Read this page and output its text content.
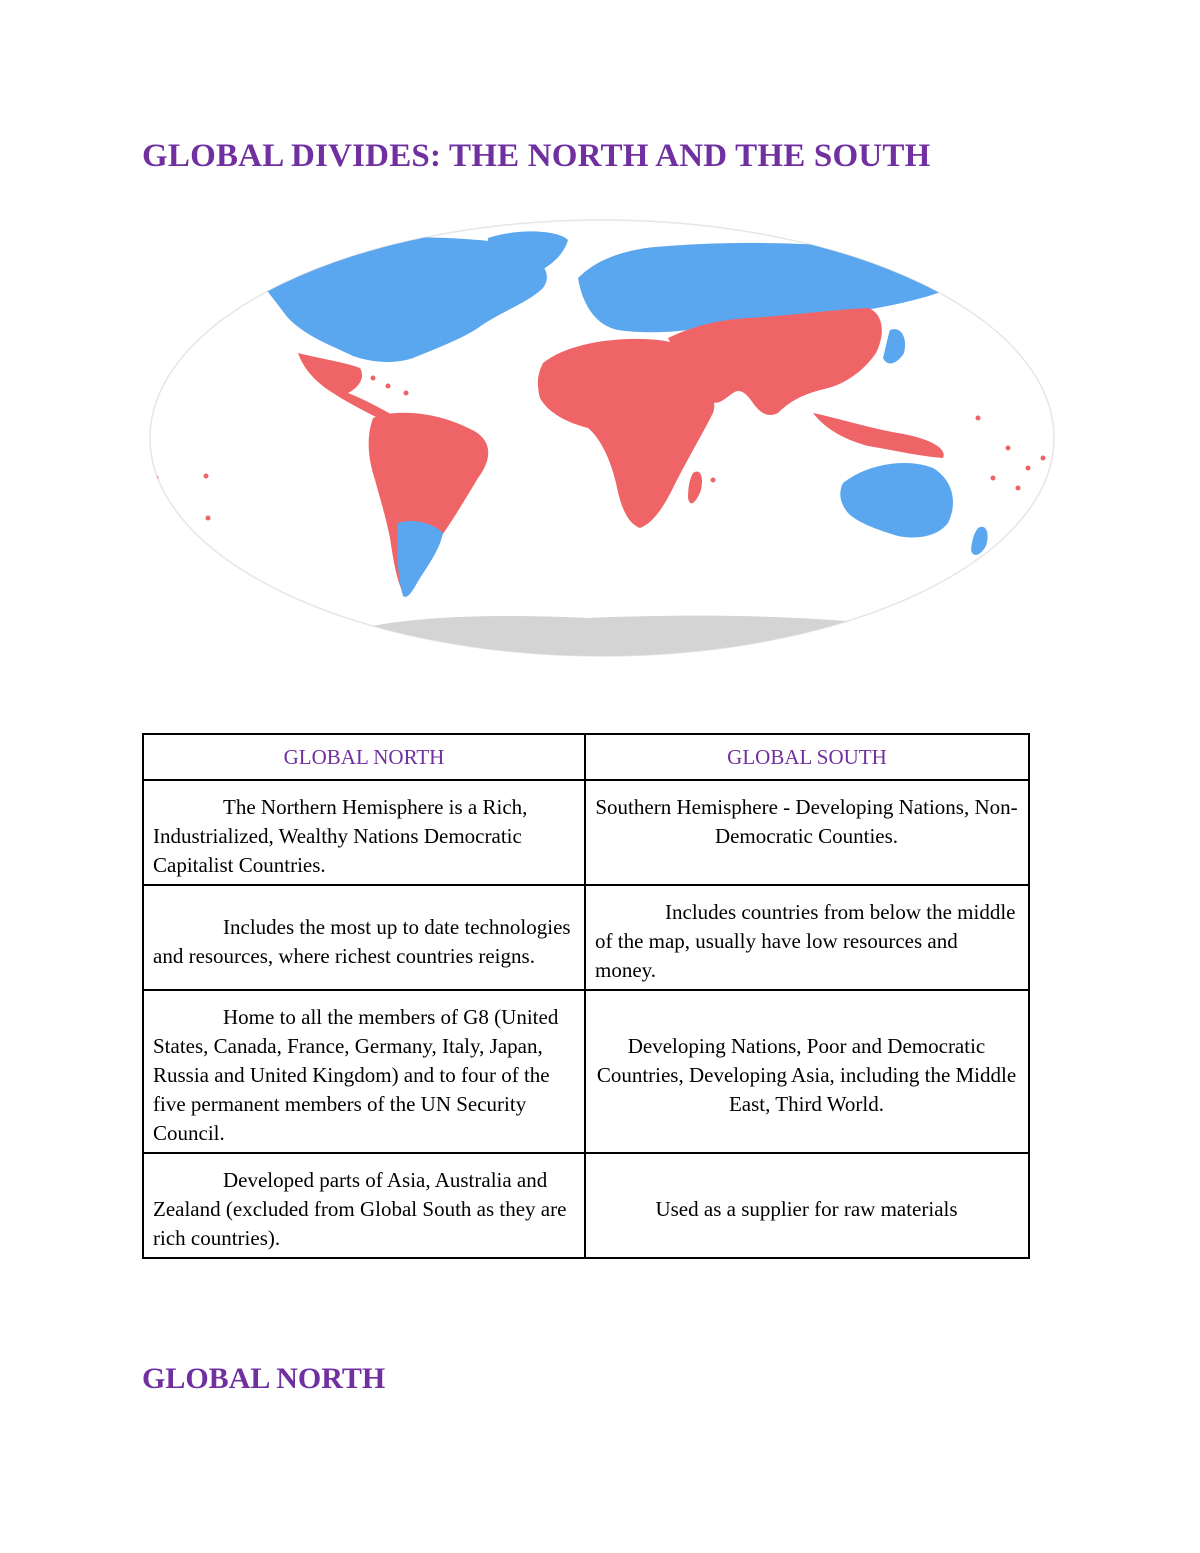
GLOBAL DIVIDES: THE NORTH AND THE SOUTH
GLOBAL NORTH	GLOBAL SOUTH
The Northern Hemisphere is a Rich, Industrialized, Wealthy Nations Democratic Capitalist Countries.	Southern Hemisphere - Developing Nations, Non-Democratic Counties.
Includes the most up to date technologies and resources, where richest countries reigns.	Includes countries from below the middle of the map, usually have low resources and money.
Home to all the members of G8 (United States, Canada, France, Germany, Italy, Japan, Russia and United Kingdom) and to four of the five permanent members of the UN Security Council.	Developing Nations, Poor and Democratic Countries, Developing Asia, including the Middle East, Third World.
Developed parts of Asia, Australia and Zealand (excluded from Global South as they are rich countries).	Used as a supplier for raw materials
GLOBAL NORTH
